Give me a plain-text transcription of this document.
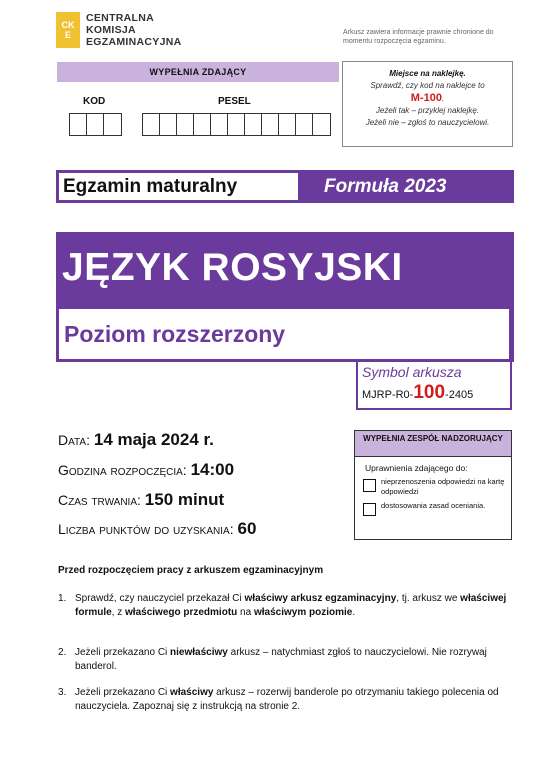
CK
E
CENTRALNA
KOMISJA
EGZAMINACYJNA
Arkusz zawiera informacje prawnie chronione do momentu rozpoczęcia egzaminu.
WYPEŁNIA ZDAJĄCY
KOD	PESEL
Miejsce na naklejkę.
Sprawdź, czy kod na naklejce to
M-100.
Jeżeli tak – przyklej naklejkę.
Jeżeli nie – zgłoś to nauczycielowi.
Egzamin maturalny	Formuła 2023
JĘZYK ROSYJSKI
Poziom rozszerzony
Symbol arkusza
MJRP-R0-100-2405
Data: 14 maja 2024 r.
Godzina rozpoczęcia: 14:00
Czas trwania: 150 minut
Liczba punktów do uzyskania: 60
WYPEŁNIA ZESPÓŁ NADZORUJĄCY
Uprawnienia zdającego do:
nieprzenoszenia odpowiedzi na kartę odpowiedzi
dostosowania zasad oceniania.
Przed rozpoczęciem pracy z arkuszem egzaminacyjnym
1. Sprawdź, czy nauczyciel przekazał Ci właściwy arkusz egzaminacyjny, tj. arkusz we właściwej formule, z właściwego przedmiotu na właściwym poziomie.
2. Jeżeli przekazano Ci niewłaściwy arkusz – natychmiast zgłoś to nauczycielowi. Nie rozrywaj banderol.
3. Jeżeli przekazano Ci właściwy arkusz – rozerwij banderole po otrzymaniu takiego polecenia od nauczyciela. Zapoznaj się z instrukcją na stronie 2.
